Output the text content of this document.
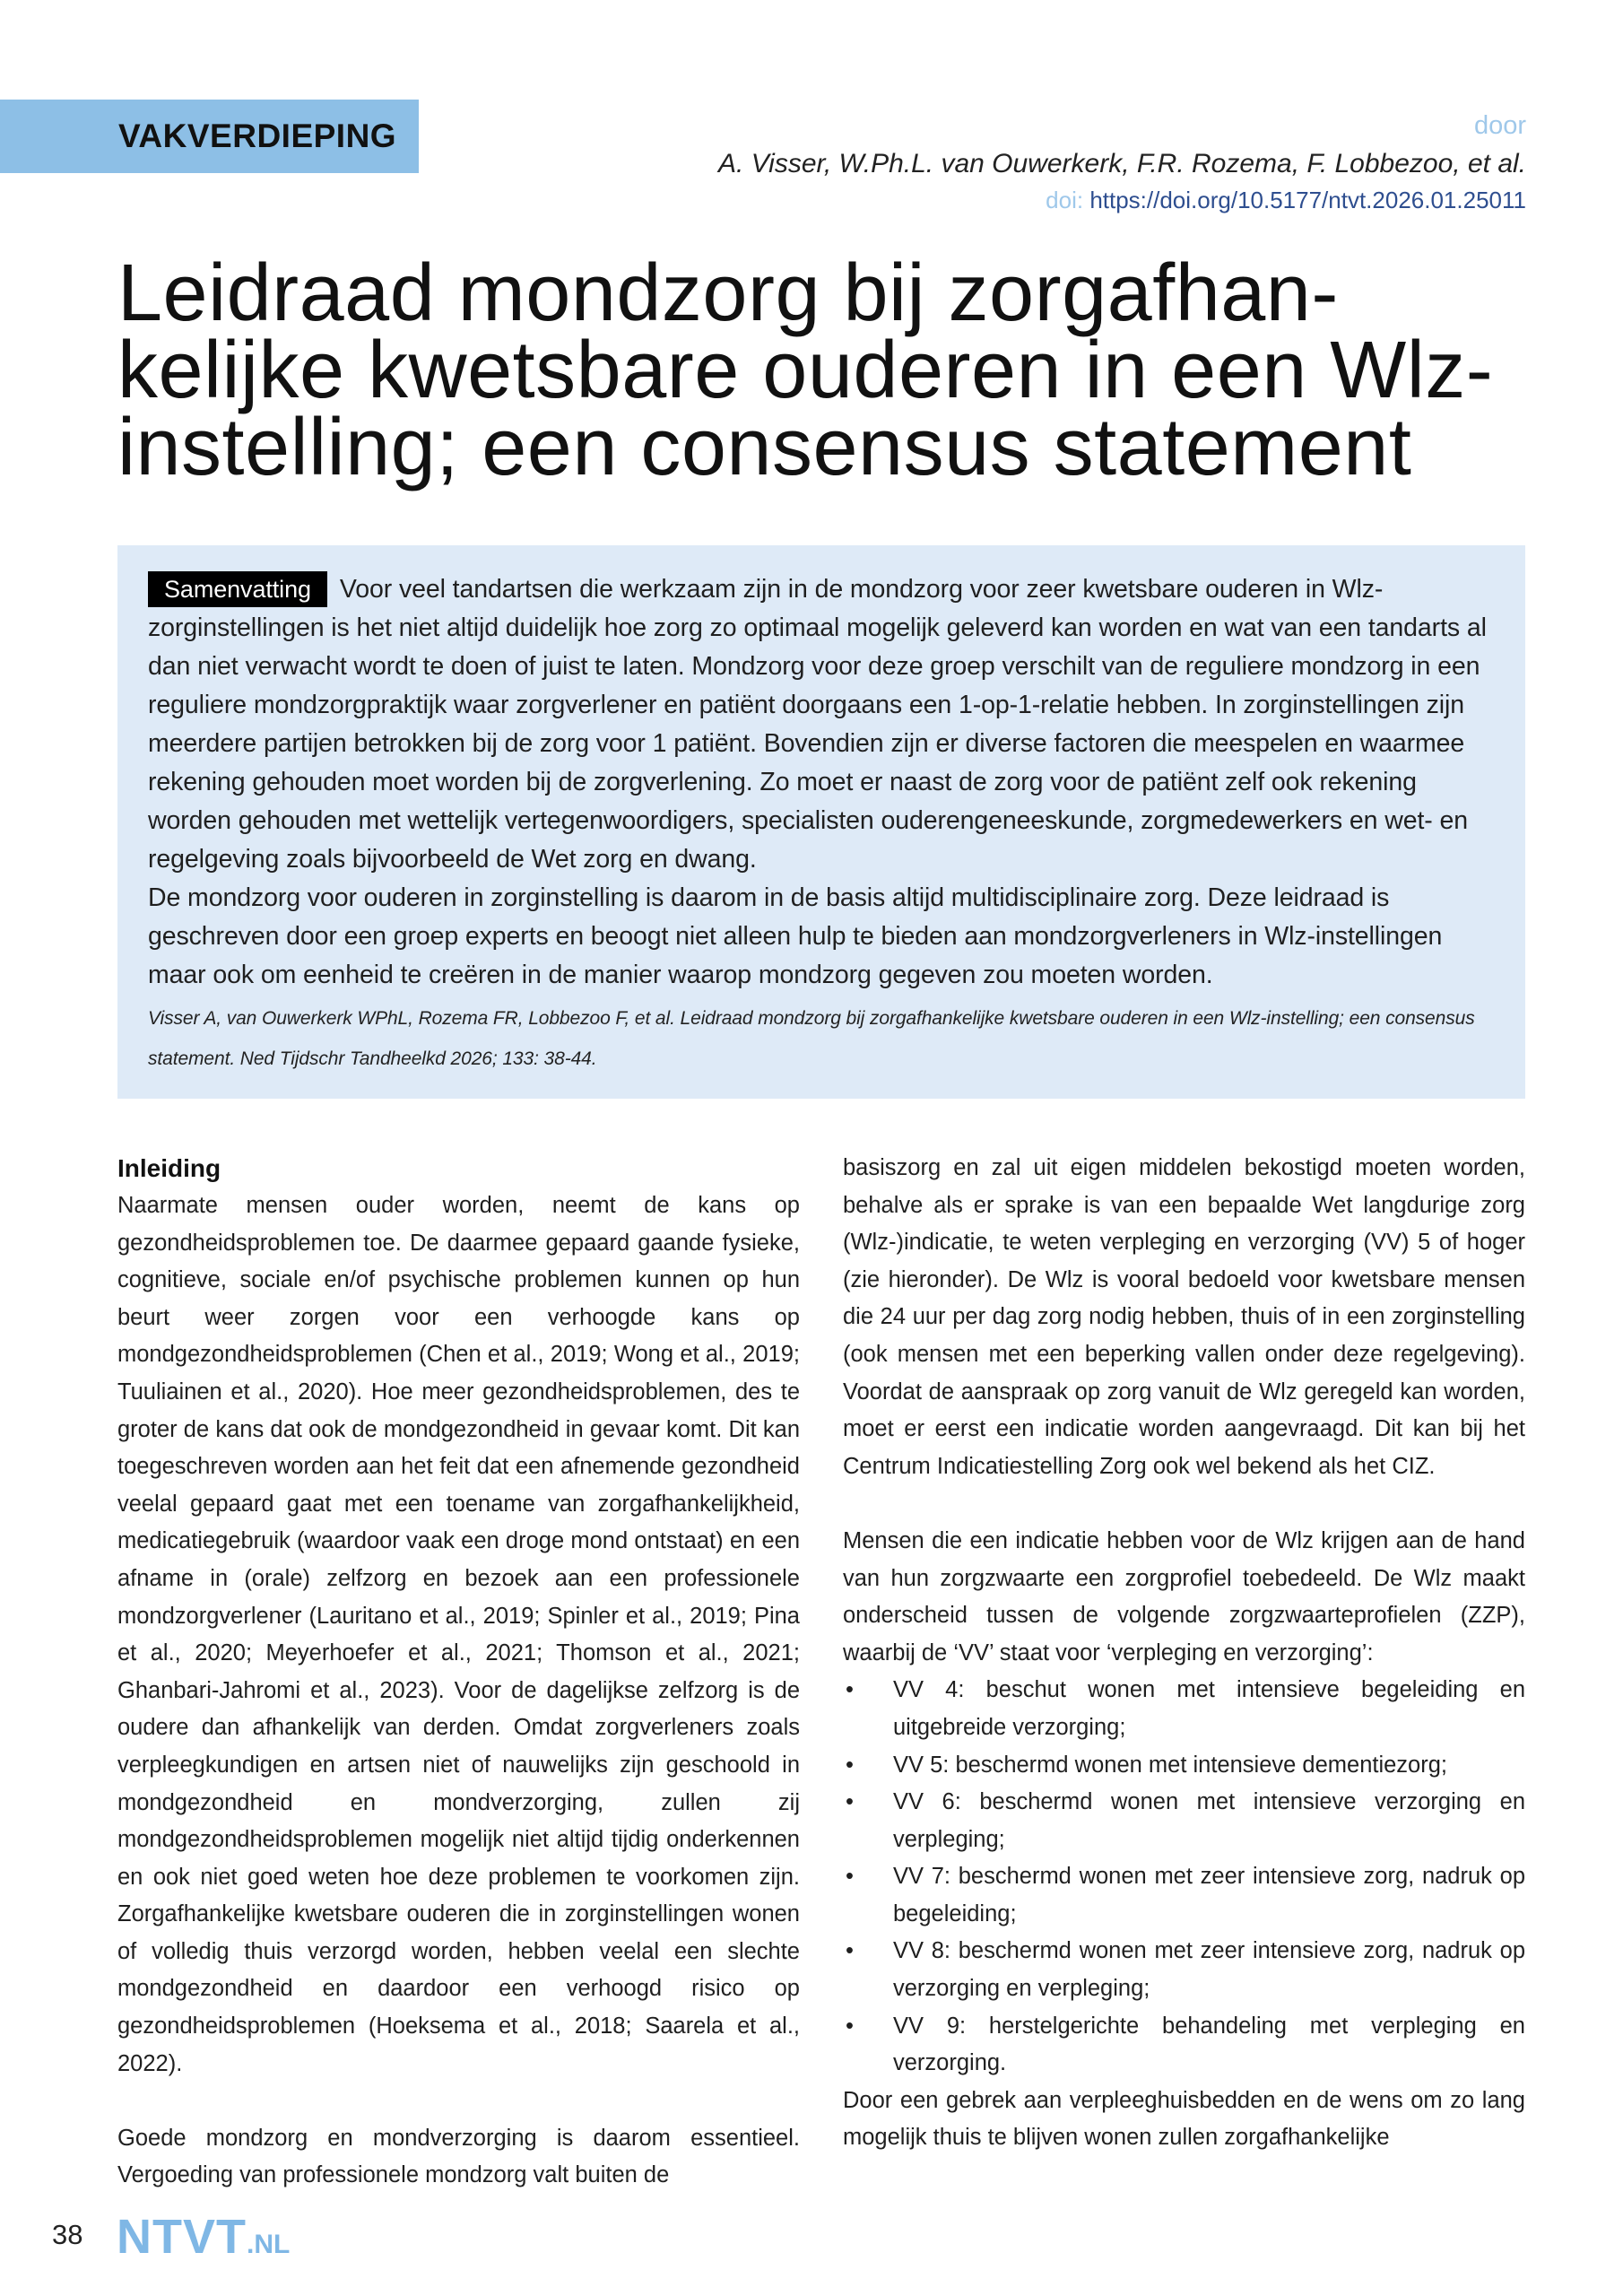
VAKVERDIEPING	door
A. Visser, W.Ph.L. van Ouwerkerk, F.R. Rozema, F. Lobbezoo, et al.
doi: https://doi.org/10.5177/ntvt.2026.01.25011
Leidraad mondzorg bij zorgafhan-
kelijke kwetsbare ouderen in een Wlz-
instelling; een consensus statement

Samenvatting Voor veel tandartsen die werkzaam zijn in de mondzorg voor zeer kwetsbare ouderen in Wlz-zorginstellingen is het niet altijd duidelijk hoe zorg zo optimaal mogelijk geleverd kan worden en wat van een tandarts al dan niet verwacht wordt te doen of juist te laten. Mondzorg voor deze groep verschilt van de reguliere mondzorg in een reguliere mondzorgpraktijk waar zorgverlener en patiënt doorgaans een 1-op-1-relatie hebben. In zorginstellingen zijn meerdere partijen betrokken bij de zorg voor 1 patiënt. Bovendien zijn er diverse factoren die meespelen en waarmee rekening gehouden moet worden bij de zorgverlening. Zo moet er naast de zorg voor de patiënt zelf ook rekening worden gehouden met wettelijk vertegenwoordigers, specialisten ouderengeneeskunde, zorgmedewerkers en wet- en regelgeving zoals bijvoorbeeld de Wet zorg en dwang.

De mondzorg voor ouderen in zorginstelling is daarom in de basis altijd multidisciplinaire zorg. Deze leidraad is geschreven door een groep experts en beoogt niet alleen hulp te bieden aan mondzorgverleners in Wlz-instellingen maar ook om eenheid te creëren in de manier waarop mondzorg gegeven zou moeten worden.

Visser A, van Ouwerkerk WPhL, Rozema FR, Lobbezoo F, et al. Leidraad mondzorg bij zorgafhankelijke kwetsbare ouderen in een Wlz-instelling; een consensus statement. Ned Tijdschr Tandheelkd 2026; 133: 38-44.

Inleiding

Naarmate mensen ouder worden, neemt de kans op gezondheidsproblemen toe. De daarmee gepaard gaande fysieke, cognitieve, sociale en/of psychische problemen kunnen op hun beurt weer zorgen voor een verhoogde kans op mondgezondheidsproblemen (Chen et al., 2019; Wong et al., 2019; Tuuliainen et al., 2020). Hoe meer gezondheidsproblemen, des te groter de kans dat ook de mondgezondheid in gevaar komt. Dit kan toegeschreven worden aan het feit dat een afnemende gezondheid veelal gepaard gaat met een toename van zorgafhankelijkheid, medicatiegebruik (waardoor vaak een droge mond ontstaat) en een afname in (orale) zelfzorg en bezoek aan een professionele mondzorgverlener (Lauritano et al., 2019; Spinler et al., 2019; Pina et al., 2020; Meyerhoefer et al., 2021; Thomson et al., 2021; Ghanbari-Jahromi et al., 2023). Voor de dagelijkse zelfzorg is de oudere dan afhankelijk van derden. Omdat zorgverleners zoals verpleegkundigen en artsen niet of nauwelijks zijn geschoold in mondgezondheid en mondverzorging, zullen zij mondgezondheidsproblemen mogelijk niet altijd tijdig onderkennen en ook niet goed weten hoe deze problemen te voorkomen zijn. Zorgafhankelijke kwetsbare ouderen die in zorginstellingen wonen of volledig thuis verzorgd worden, hebben veelal een slechte mondgezondheid en daardoor een verhoogd risico op gezondheidsproblemen (Hoeksema et al., 2018; Saarela et al., 2022).

Goede mondzorg en mondverzorging is daarom essentieel. Vergoeding van professionele mondzorg valt buiten de

basiszorg en zal uit eigen middelen bekostigd moeten worden, behalve als er sprake is van een bepaalde Wet langdurige zorg (Wlz-)indicatie, te weten verpleging en verzorging (VV) 5 of hoger (zie hieronder). De Wlz is vooral bedoeld voor kwetsbare mensen die 24 uur per dag zorg nodig hebben, thuis of in een zorginstelling (ook mensen met een beperking vallen onder deze regelgeving). Voordat de aanspraak op zorg vanuit de Wlz geregeld kan worden, moet er eerst een indicatie worden aangevraagd. Dit kan bij het Centrum Indicatiestelling Zorg ook wel bekend als het CIZ.

Mensen die een indicatie hebben voor de Wlz krijgen aan de hand van hun zorgzwaarte een zorgprofiel toebedeeld. De Wlz maakt onderscheid tussen de volgende zorgzwaarteprofielen (ZZP), waarbij de ‘VV’ staat voor ‘verpleging en verzorging’:

• VV 4: beschut wonen met intensieve begeleiding en uitgebreide verzorging;
• VV 5: beschermd wonen met intensieve dementiezorg;
• VV 6: beschermd wonen met intensieve verzorging en verpleging;
• VV 7: beschermd wonen met zeer intensieve zorg, nadruk op begeleiding;
• VV 8: beschermd wonen met zeer intensieve zorg, nadruk op verzorging en verpleging;
• VV 9: herstelgerichte behandeling met verpleging en verzorging.

Door een gebrek aan verpleeghuisbedden en de wens om zo lang mogelijk thuis te blijven wonen zullen zorgafhankelijke

38 NTVT.NL
